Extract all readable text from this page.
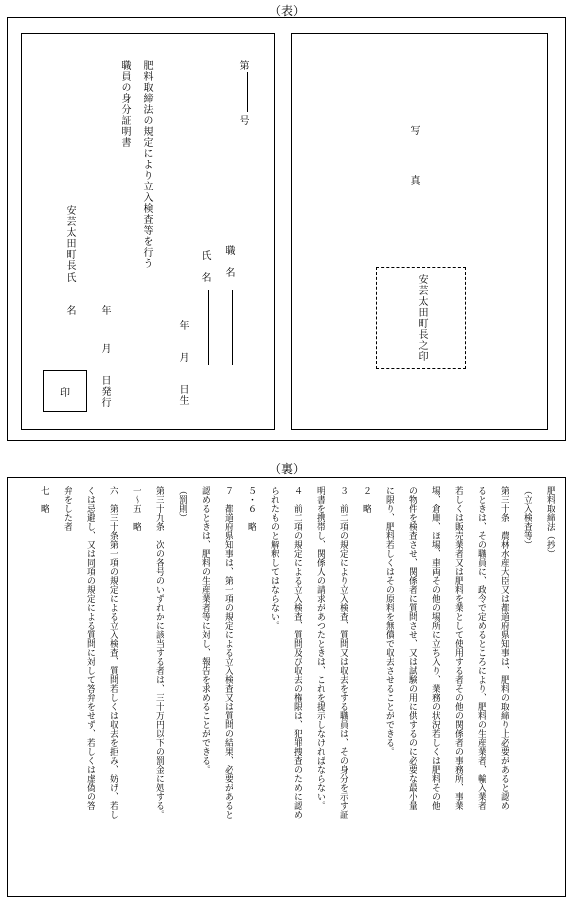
（表）
第
号
肥料取締法の規定により立入検査等を行う
職員の身分証明書
職　名
氏　名
年
月
日生
年
月
日発行
安芸太田町長
氏　　名
印
写
真
安芸太田町長之印
（裏）
肥料取締法（抄）
（立入検査等）
第三十条　農林水産大臣又は都道府県知事は、肥料の取締り上必要があると認め
るときは、その職員に、政令で定めるところにより、肥料の生産業者、輸入業者
若しくは販売業者又は肥料を業として使用する者その他の関係者の事務所、事業
場、倉庫、ほ場、車両その他の場所に立ち入り、業務の状況若しくは肥料その他
の物件を検査させ、関係者に質問させ、又は試験の用に供するのに必要な最小量
に限り、肥料若しくはその原料を無償で収去させることができる。
２　略
３　前二項の規定により立入検査、質問又は収去をする職員は、その身分を示す証
明書を携帯し、関係人の請求があつたときは、これを提示しなければならない。
４　前二項の規定による立入検査、質問及び収去の権限は、犯罪捜査のために認め
られたものと解釈してはならない。
５・６　略
７　都道府県知事は、第一項の規定による立入検査又は質問の結果、必要があると
認めるときは、肥料の生産業者等に対し、報告を求めることができる。
（罰則）
第三十九条　次の各号のいずれかに該当する者は、三十万円以下の罰金に処する。
一～五　略
六　第三十条第一項の規定による立入検査、質問若しくは収去を拒み、妨げ、若し
くは忌避し、又は同項の規定による質問に対して答弁をせず、若しくは虚偽の答
弁をした者
七　略
